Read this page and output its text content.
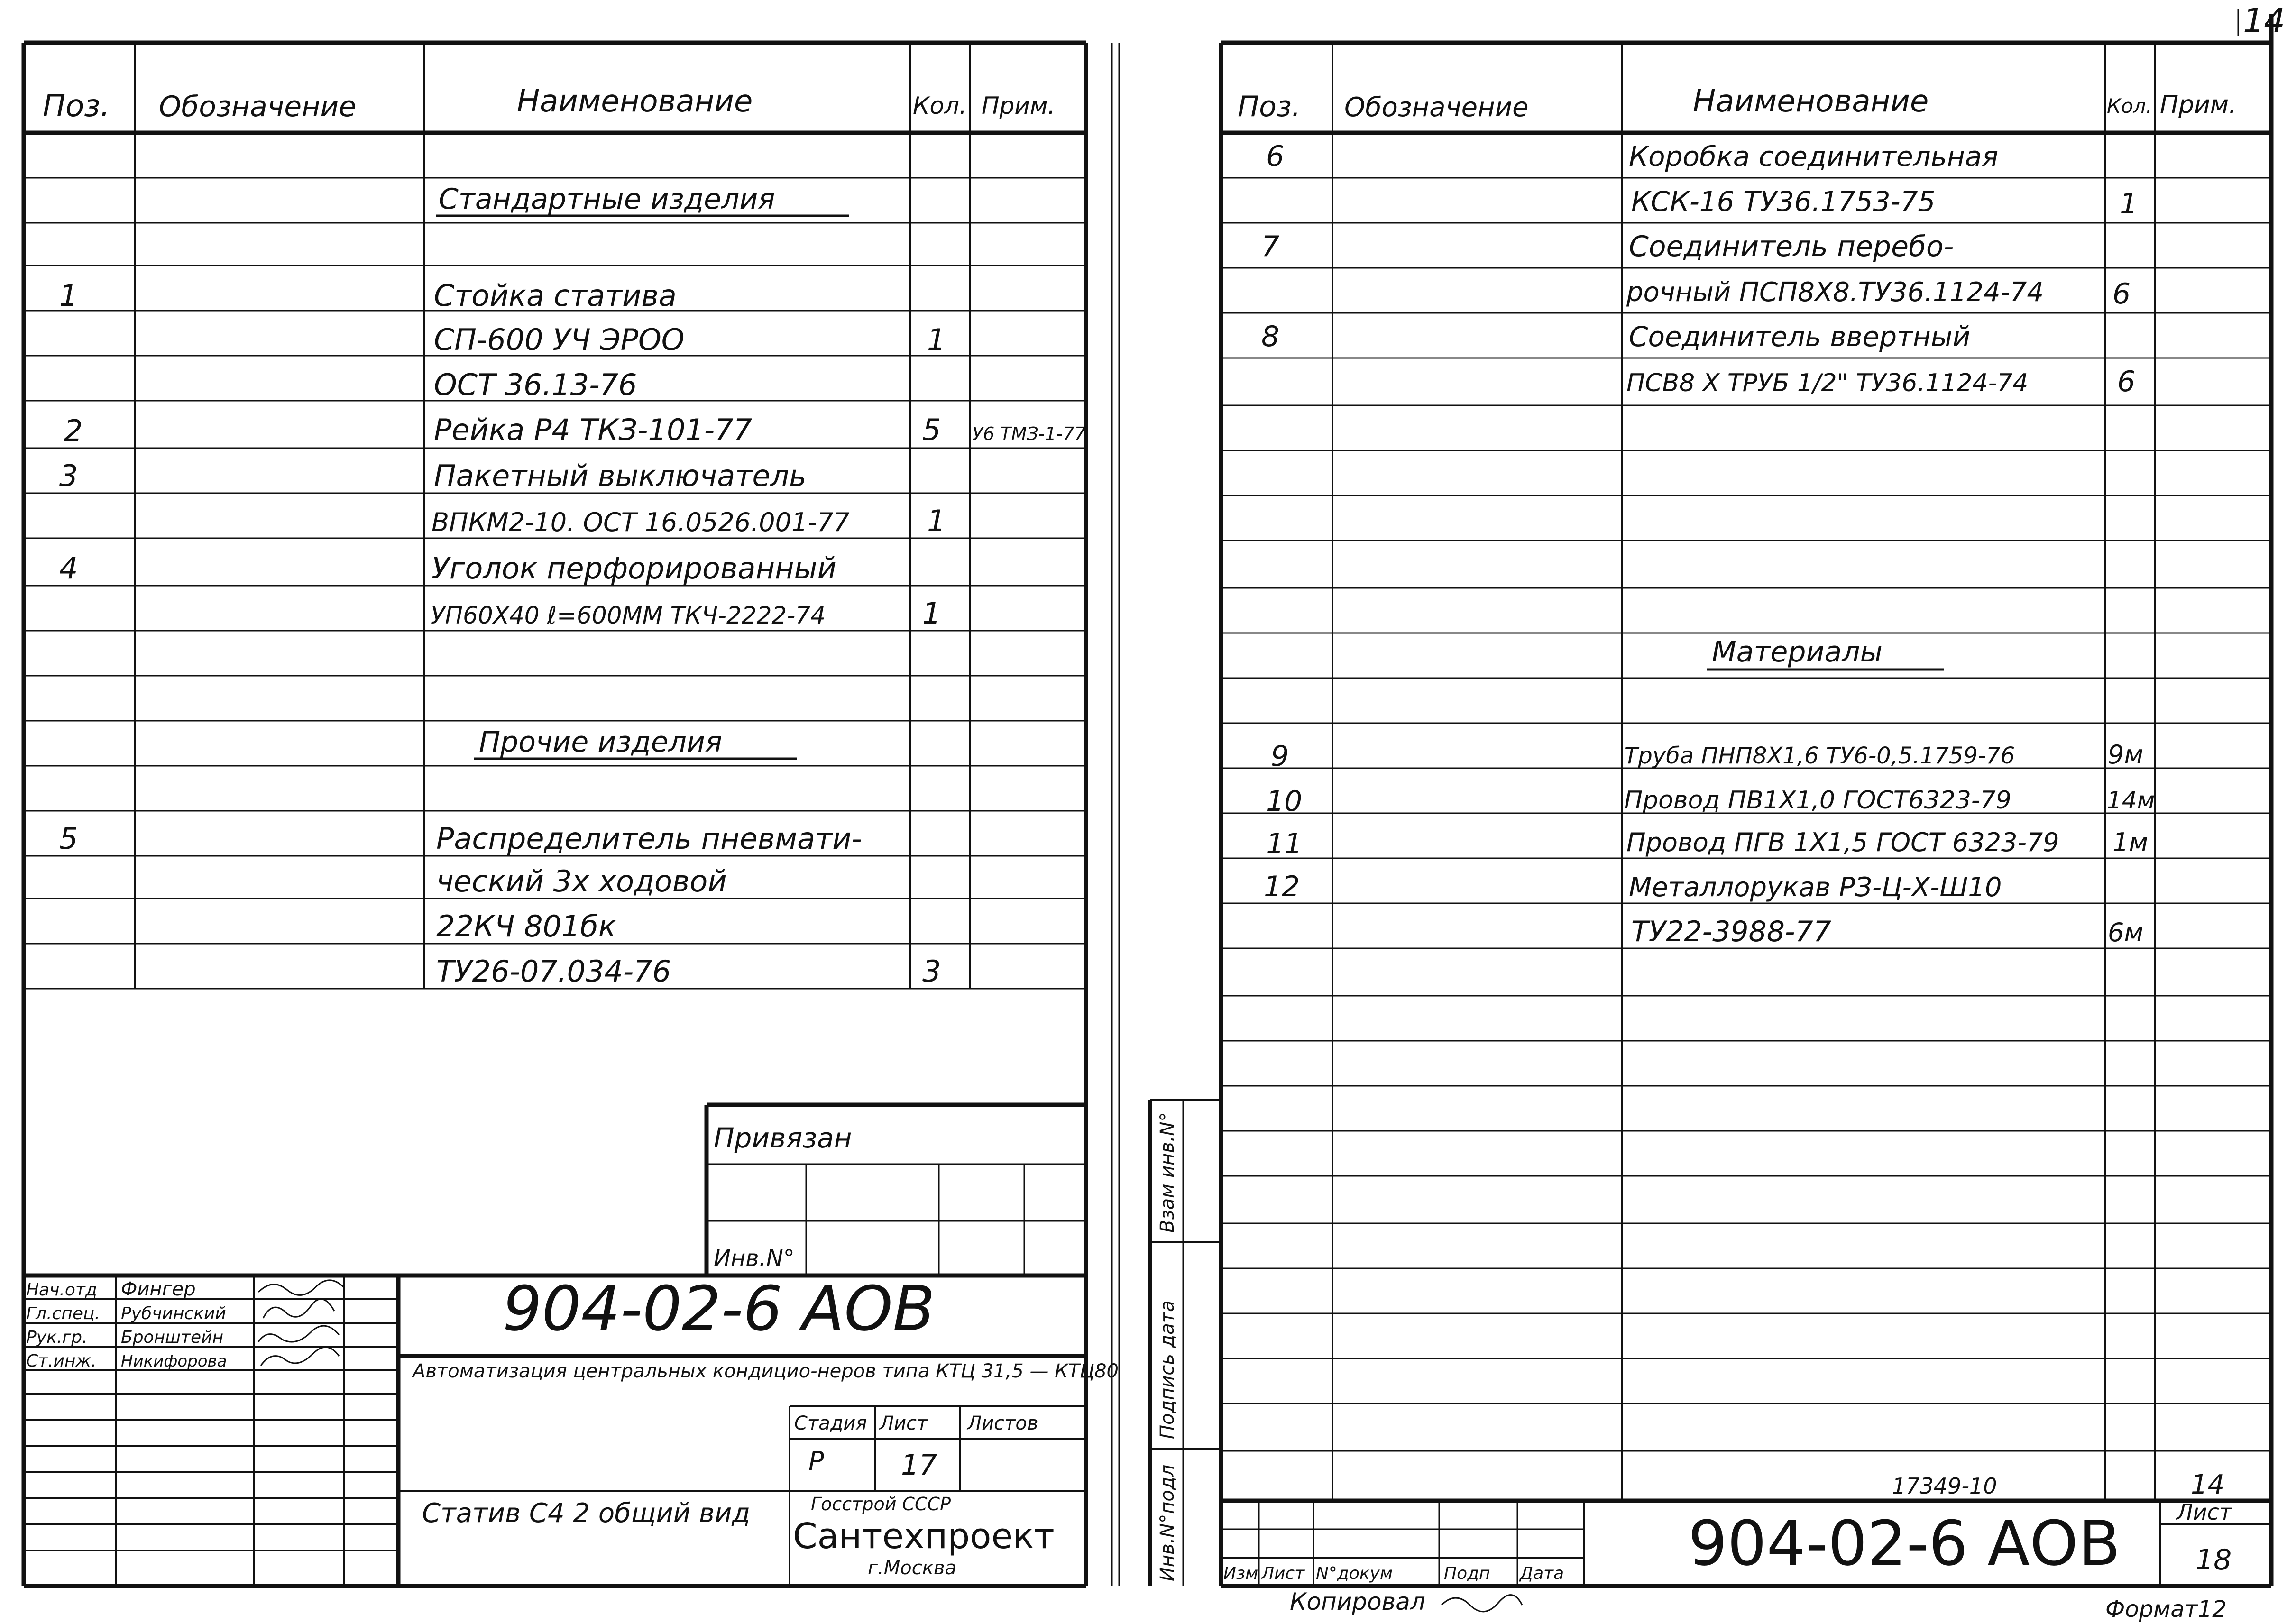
Поз. Обозначение	Наименование	Кол. Прим.
Стандартные изделия
Прочие изделия
1	Стойка стативa
СП-600 УЧ ЭРОО	1
ОСТ 36.13-76
2	Рейка Р4 ТКЗ-101-77	5 У6 ТМЗ-1-77
3	Пакетный выключатель
ВПКМ2-10. ОСТ 16.0526.001-77	1
4	Уголок перфорированный
УП60Х40 ℓ=600ММ ТКЧ-2222-74	1
5	Распределитель пневмати-
ческий 3х ходовой
22КЧ 801бк
ТУ26-07.034-76	3
Привязан
Инв.N°
Нач.отд Фингер
Гл.спец. Рубчинский
Рук.гр. Бронштейн
Ст.инж. Никифорова
904-02-6 АОВ
Автоматизация центральных кондицио-неров типа КТЦ 31,5 — КТЦ80
Стадия Лист Листов
Р	17
Статив С4 2 общий вид	Госстрой СССР
Сантехпроект
г.Москва
Взам инв.N°
Подпись дата
Инв.N°подл
14
Поз. Обозначение	Наименование	Кол. Прим.
6	Коробка соединительная
КСК-16 ТУ36.1753-75	1
7	Соединитель перебо-
рочный ПСП8Х8.ТУ36.1124-74 6
8	Соединитель ввертный
ПСВ8 Х ТРУБ 1/2" ТУ36.1124-74	6
9	Труба ПНП8Х1,6 ТУ6-0,5.1759-76	9м
10	Провод ПВ1Х1,0 ГОСТ6323-79	14м
11	Провод ПГВ 1Х1,5 ГОСТ 6323-79 1м
12	Металлорукав РЗ-Ц-Х-Ш10
ТУ22-3988-77	6м
Материалы
Изм Лист N°докум	Подп Дата 904-02-6 АОВ
17349-10	14
Лист
18
Копировал	Формат12
